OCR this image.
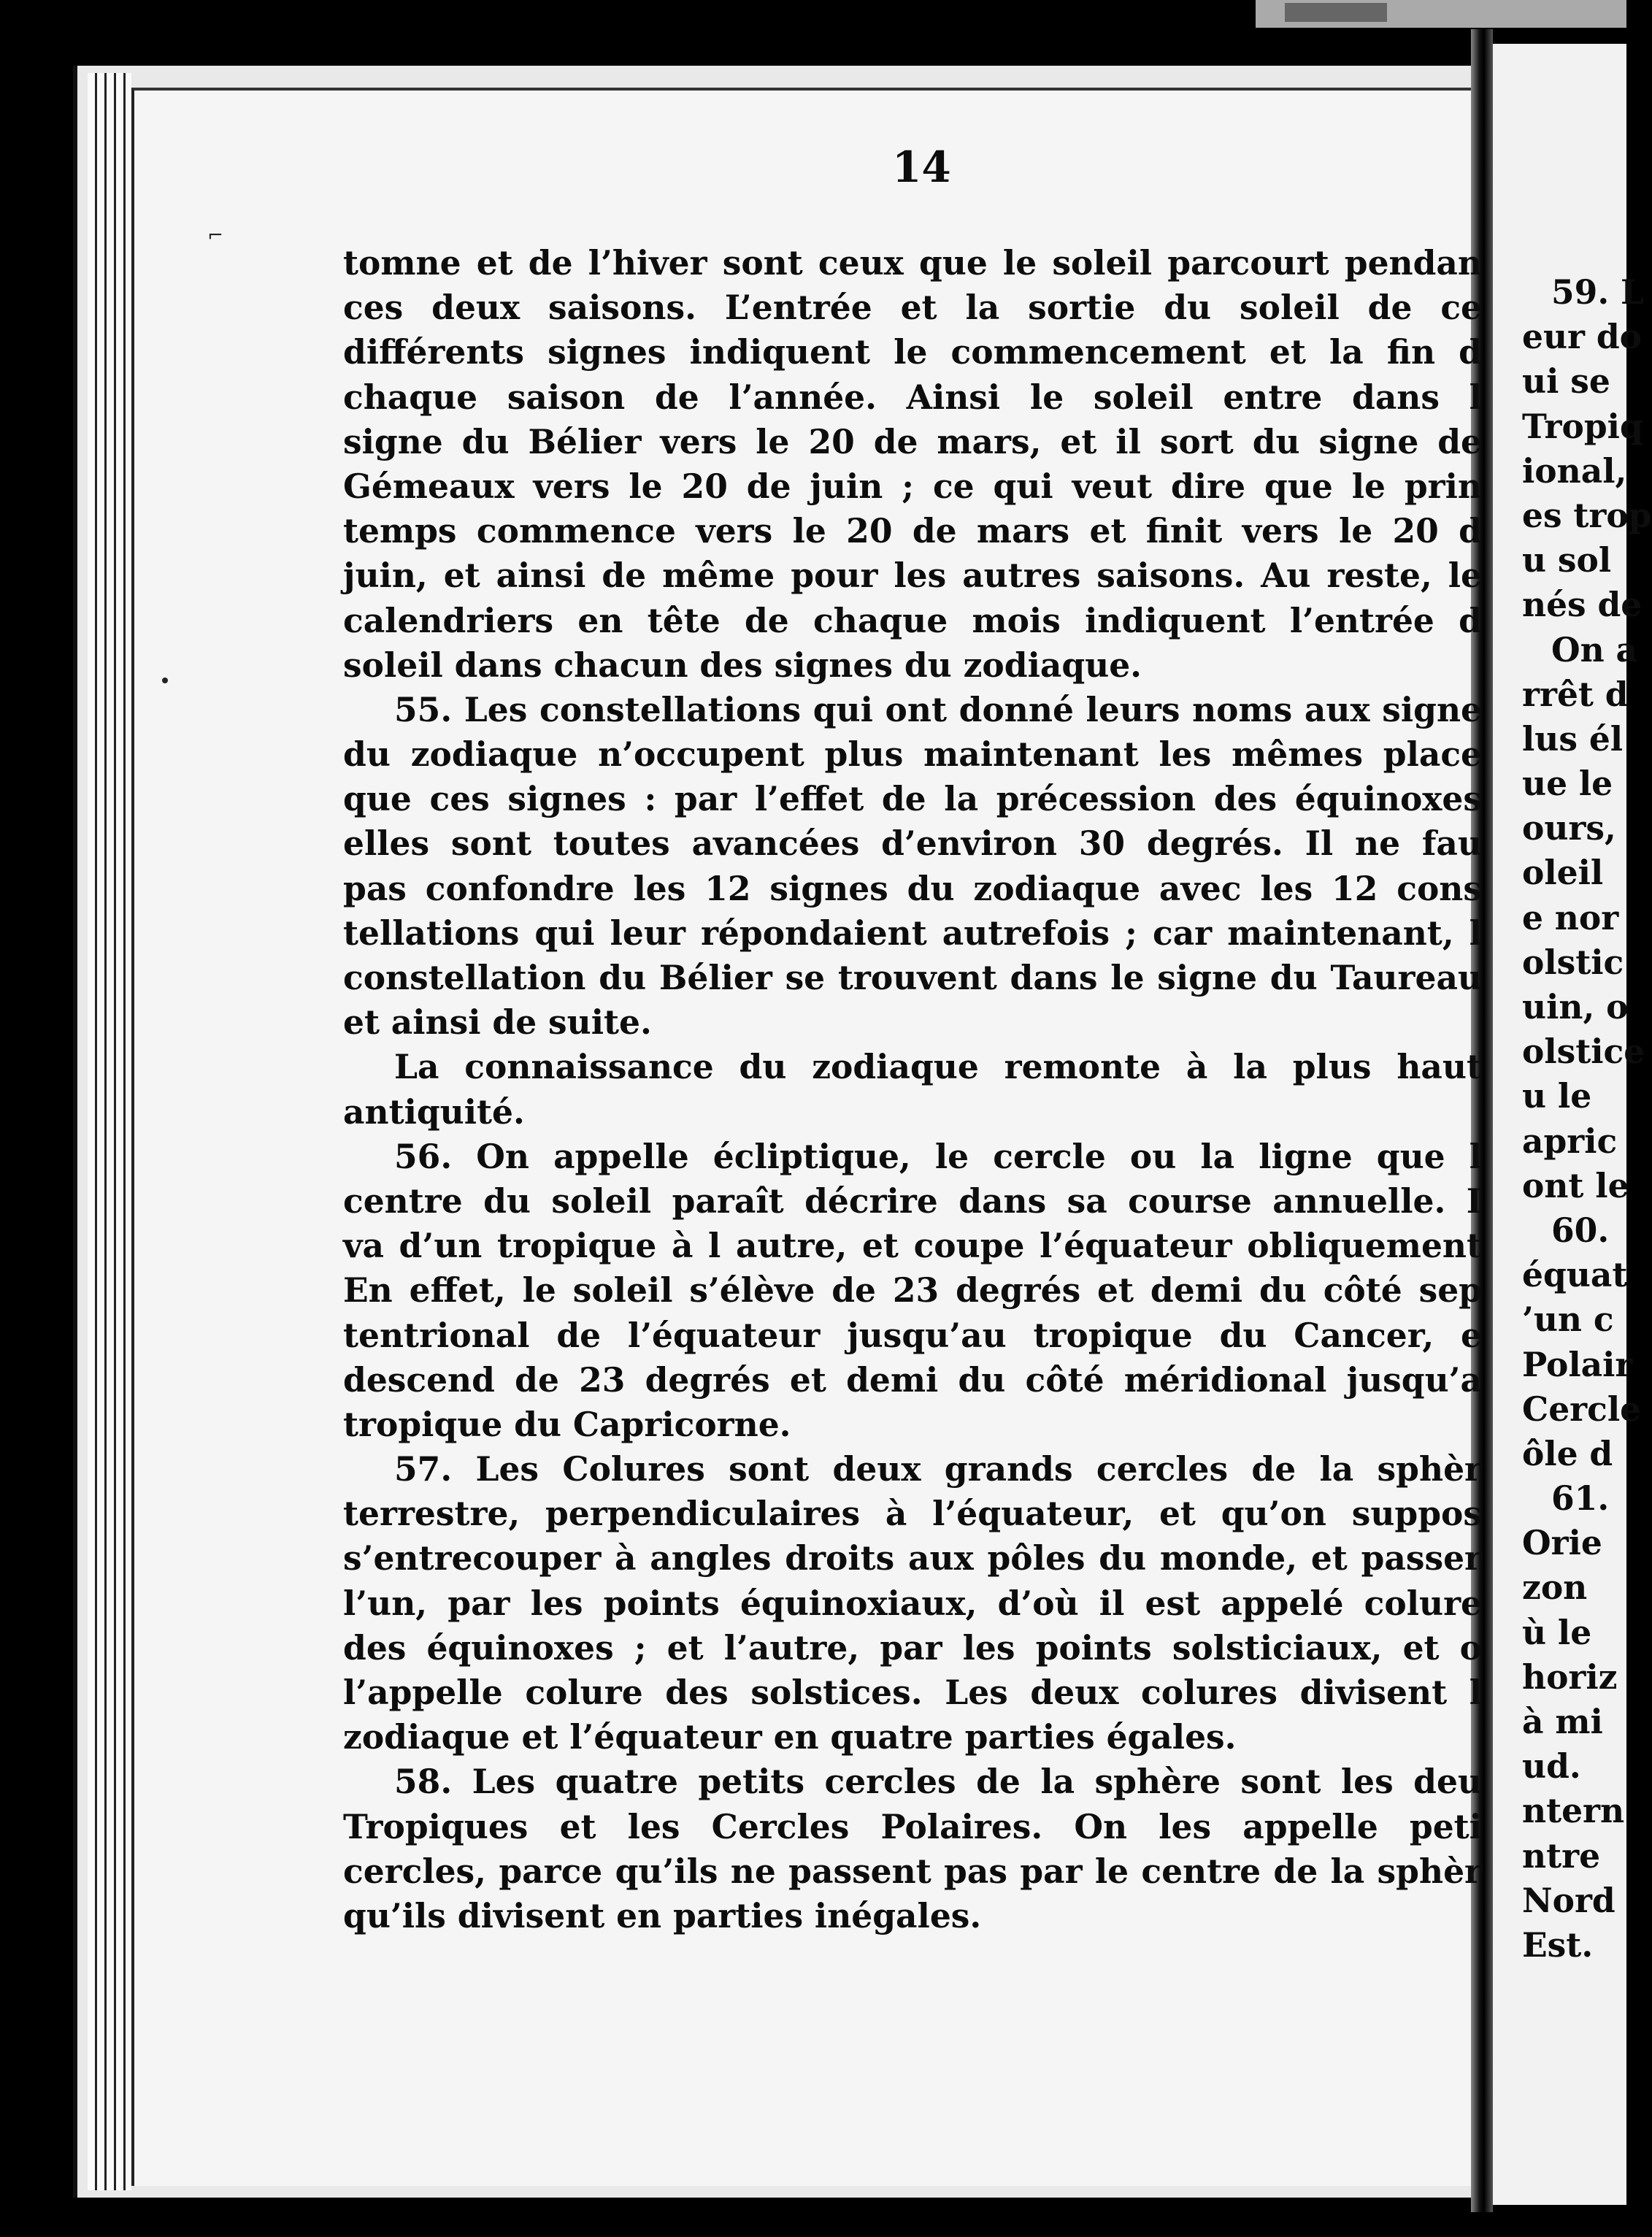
⌐
14
tomne et de l’hiver sont ceux que le soleil parcourt pendan
ces deux saisons. L’entrée et la sortie du soleil de ce
différents signes indiquent le commencement et la fin d
chaque saison de l’année. Ainsi le soleil entre dans l
signe du Bélier vers le 20 de mars, et il sort du signe de
Gémeaux vers le 20 de juin ; ce qui veut dire que le prin
temps commence vers le 20 de mars et finit vers le 20 d
juin, et ainsi de même pour les autres saisons. Au reste, le
calendriers en tête de chaque mois indiquent l’entrée d
soleil dans chacun des signes du zodiaque.
55. Les constellations qui ont donné leurs noms aux signe
du zodiaque n’occupent plus maintenant les mêmes place
que ces signes : par l’effet de la précession des équinoxes
elles sont toutes avancées d’environ 30 degrés. Il ne fau
pas confondre les 12 signes du zodiaque avec les 12 cons
tellations qui leur répondaient autrefois ; car maintenant, l
constellation du Bélier se trouvent dans le signe du Taureau
et ainsi de suite.
La connaissance du zodiaque remonte à la plus haut
antiquité.
56. On appelle écliptique, le cercle ou la ligne que l
centre du soleil paraît décrire dans sa course annuelle. I
va d’un tropique à l autre, et coupe l’équateur obliquement
En effet, le soleil s’élève de 23 degrés et demi du côté sep
tentrional de l’équateur jusqu’au tropique du Cancer, e
descend de 23 degrés et demi du côté méridional jusqu’a
tropique du Capricorne.
57. Les Colures sont deux grands cercles de la sphèr
terrestre, perpendiculaires à l’équateur, et qu’on suppos
s’entrecouper à angles droits aux pôles du monde, et passer
l’un, par les points équinoxiaux, d’où il est appelé colure
des équinoxes ; et l’autre, par les points solsticiaux, et o
l’appelle colure des solstices. Les deux colures divisent l
zodiaque et l’équateur en quatre parties égales.
58. Les quatre petits cercles de la sphère sont les deu
Tropiques et les Cercles Polaires. On les appelle peti
cercles, parce qu’ils ne passent pas par le centre de la sphèr
qu’ils divisent en parties inégales.
59. L
eur do
ui se
Tropiq
ional,
es trop
u sol
nés de
On a
rrêt d
lus él
ue le
ours,
oleil
e nor
olstic
uin, o
olstice
u le
apric
ont le
60.
équat
’un c
Polair
Cercle
ôle d
61.
Orie
zon
ù le
horiz
à mi
ud.
ntern
ntre
Nord
Est.
